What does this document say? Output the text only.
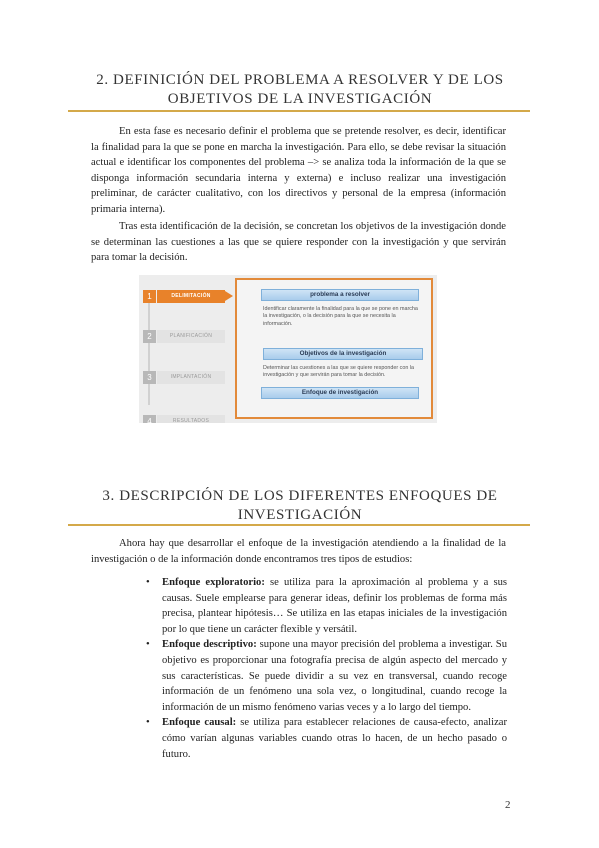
2. DEFINICIÓN DEL PROBLEMA A RESOLVER Y DE LOS OBJETIVOS DE LA INVESTIGACIÓN

En esta fase es necesario definir el problema que se pretende resolver, es decir, identificar la finalidad para la que se pone en marcha la investigación. Para ello, se debe revisar la situación actual e identificar los componentes del problema –> se analiza toda la información de la que se disponga información secundaria interna y externa) e incluso realizar una investigación preliminar, de carácter cualitativo, con los directivos y personal de la empresa (información primaria interna).

Tras esta identificación de la decisión, se concretan los objetivos de la investigación donde se determinan las cuestiones a las que se quiere responder con la investigación y que servirán para tomar la decisión.

1	DELIMITACIÓN
2	PLANIFICACIÓN
3	IMPLANTACIÓN
4	RESULTADOS
problema a resolver
Identificar claramente la finalidad para la que se pone en marcha la investigación, o la decisión para la que se necesita la información.
Objetivos de la investigación
Determinar las cuestiones a las que se quiere responder con la investigación y que servirán para tomar la decisión.
Enfoque de investigación
3. DESCRIPCIÓN DE LOS DIFERENTES ENFOQUES DE INVESTIGACIÓN

Ahora hay que desarrollar el enfoque de la investigación atendiendo a la finalidad de la investigación o de la información donde encontramos tres tipos de estudios:

• Enfoque exploratorio: se utiliza para la aproximación al problema y a sus causas. Suele emplearse para generar ideas, definir los problemas de forma más precisa, plantear hipótesis… Se utiliza en las etapas iniciales de la investigación por lo que tiene un carácter flexible y versátil.
• Enfoque descriptivo: supone una mayor precisión del problema a investigar. Su objetivo es proporcionar una fotografía precisa de algún aspecto del mercado y sus características. Se puede dividir a su vez en transversal, cuando recoge información de un fenómeno una sola vez, o longitudinal, cuando recoge la información de un mismo fenómeno varias veces y a lo largo del tiempo.
• Enfoque causal: se utiliza para establecer relaciones de causa-efecto, analizar cómo varían algunas variables cuando otras lo hacen, de un hecho pasado o futuro.
2
